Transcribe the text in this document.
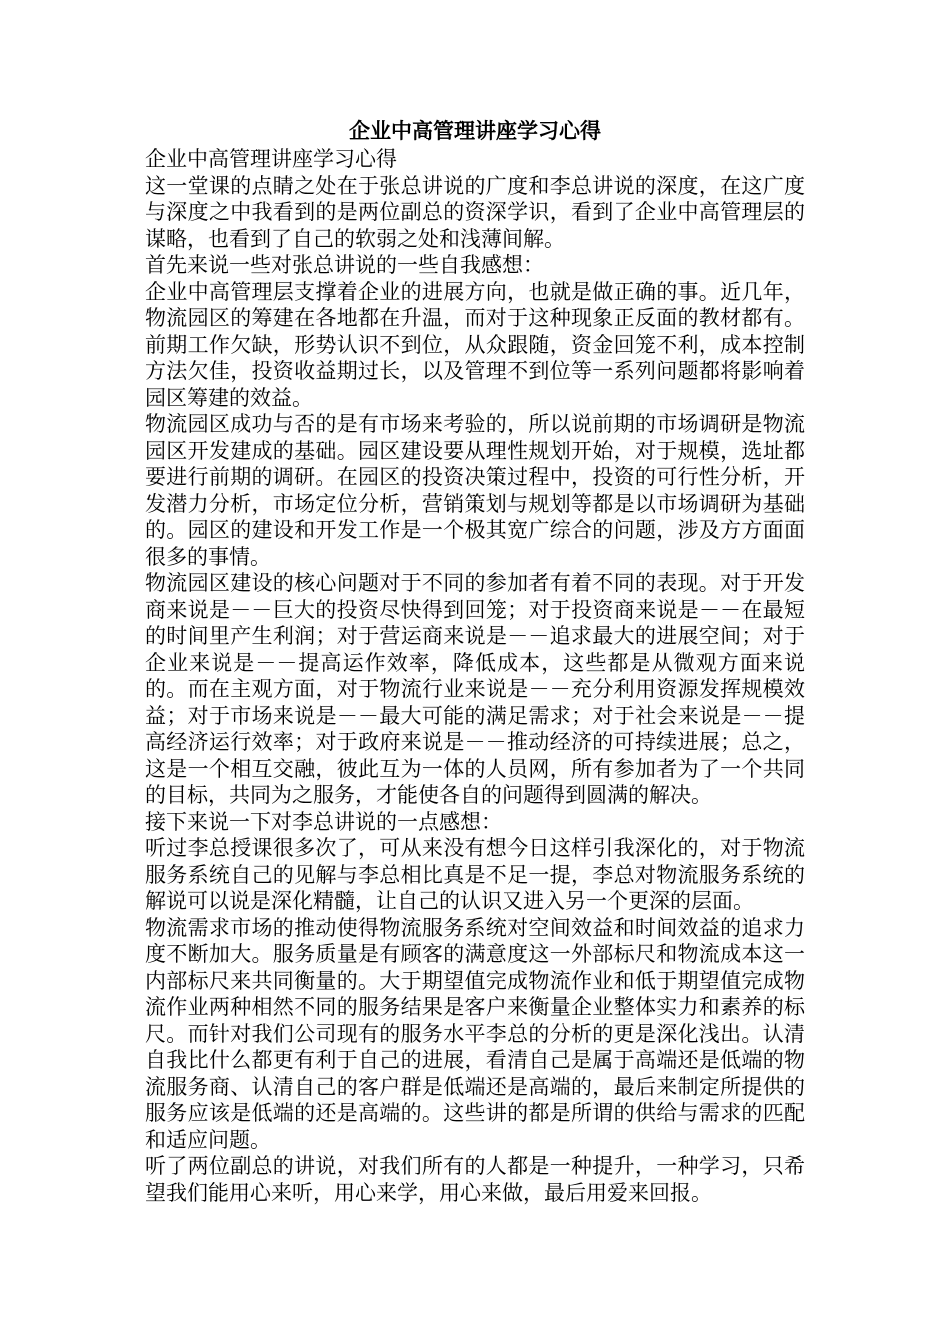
企业中高管理讲座学习心得

企业中高管理讲座学习心得

这一堂课的点睛之处在于张总讲说的广度和李总讲说的深度，在这广度与深度之中我看到的是两位副总的资深学识，看到了企业中高管理层的谋略，也看到了自己的软弱之处和浅薄间解。

首先来说一些对张总讲说的一些自我感想：

企业中高管理层支撑着企业的进展方向，也就是做正确的事。近几年，物流园区的筹建在各地都在升温，而对于这种现象正反面的教材都有。前期工作欠缺，形势认识不到位，从众跟随，资金回笼不利，成本控制方法欠佳，投资收益期过长，以及管理不到位等一系列问题都将影响着园区筹建的效益。

物流园区成功与否的是有市场来考验的，所以说前期的市场调研是物流园区开发建成的基础。园区建设要从理性规划开始，对于规模，选址都要进行前期的调研。在园区的投资决策过程中，投资的可行性分析，开发潜力分析，市场定位分析，营销策划与规划等都是以市场调研为基础的。园区的建设和开发工作是一个极其宽广综合的问题，涉及方方面面很多的事情。

物流园区建设的核心问题对于不同的参加者有着不同的表现。对于开发商来说是－－巨大的投资尽快得到回笼；对于投资商来说是－－在最短的时间里产生利润；对于营运商来说是－－追求最大的进展空间；对于企业来说是－－提高运作效率，降低成本，这些都是从微观方面来说的。而在主观方面，对于物流行业来说是－－充分利用资源发挥规模效益；对于市场来说是－－最大可能的满足需求；对于社会来说是－－提高经济运行效率；对于政府来说是－－推动经济的可持续进展；总之，这是一个相互交融，彼此互为一体的人员网，所有参加者为了一个共同的目标，共同为之服务，才能使各自的问题得到圆满的解决。

接下来说一下对李总讲说的一点感想：

听过李总授课很多次了，可从来没有想今日这样引我深化的，对于物流服务系统自己的见解与李总相比真是不足一提，李总对物流服务系统的解说可以说是深化精髓，让自己的认识又进入另一个更深的层面。

物流需求市场的推动使得物流服务系统对空间效益和时间效益的追求力度不断加大。服务质量是有顾客的满意度这一外部标尺和物流成本这一内部标尺来共同衡量的。大于期望值完成物流作业和低于期望值完成物流作业两种相然不同的服务结果是客户来衡量企业整体实力和素养的标尺。而针对我们公司现有的服务水平李总的分析的更是深化浅出。认清自我比什么都更有利于自己的进展，看清自己是属于高端还是低端的物流服务商、认清自己的客户群是低端还是高端的，最后来制定所提供的服务应该是低端的还是高端的。这些讲的都是所谓的供给与需求的匹配和适应问题。

听了两位副总的讲说，对我们所有的人都是一种提升，一种学习，只希望我们能用心来听，用心来学，用心来做，最后用爱来回报。
